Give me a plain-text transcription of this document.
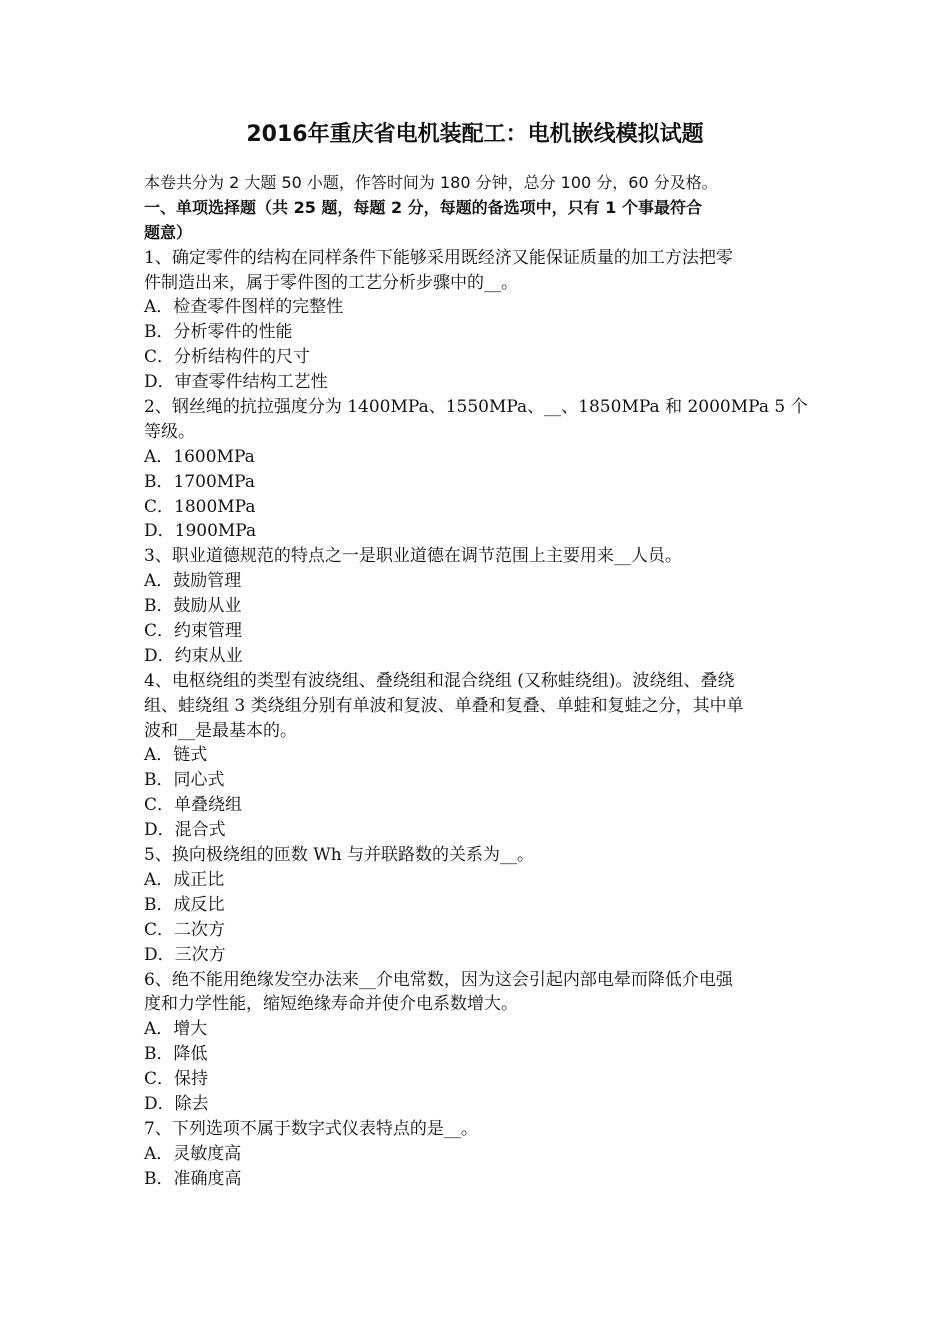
2016年重庆省电机装配工：电机嵌线模拟试题
本卷共分为 2 大题 50 小题，作答时间为 180 分钟，总分 100 分，60 分及格。
一、单项选择题（共 25 题，每题 2 分，每题的备选项中，只有 1 个事最符合
题意）
1、确定零件的结构在同样条件下能够采用既经济又能保证质量的加工方法把零
件制造出来，属于零件图的工艺分析步骤中的__。
A．检查零件图样的完整性
B．分析零件的性能
C．分析结构件的尺寸
D．审查零件结构工艺性
2、钢丝绳的抗拉强度分为 1400MPa、1550MPa、__、1850MPa 和 2000MPa 5 个
等级。
A．1600MPa
B．1700MPa
C．1800MPa
D．1900MPa
3、职业道德规范的特点之一是职业道德在调节范围上主要用来__人员。
A．鼓励管理
B．鼓励从业
C．约束管理
D．约束从业
4、电枢绕组的类型有波绕组、叠绕组和混合绕组 (又称蛙绕组)。波绕组、叠绕
组、蛙绕组 3 类绕组分别有单波和复波、单叠和复叠、单蛙和复蛙之分，其中单
波和__是最基本的。
A．链式
B．同心式
C．单叠绕组
D．混合式
5、换向极绕组的匝数 Wh 与并联路数的关系为__。
A．成正比
B．成反比
C．二次方
D．三次方
6、绝不能用绝缘发空办法来__介电常数，因为这会引起内部电晕而降低介电强
度和力学性能，缩短绝缘寿命并使介电系数增大。
A．增大
B．降低
C．保持
D．除去
7、下列选项不属于数字式仪表特点的是__。
A．灵敏度高
B．准确度高
